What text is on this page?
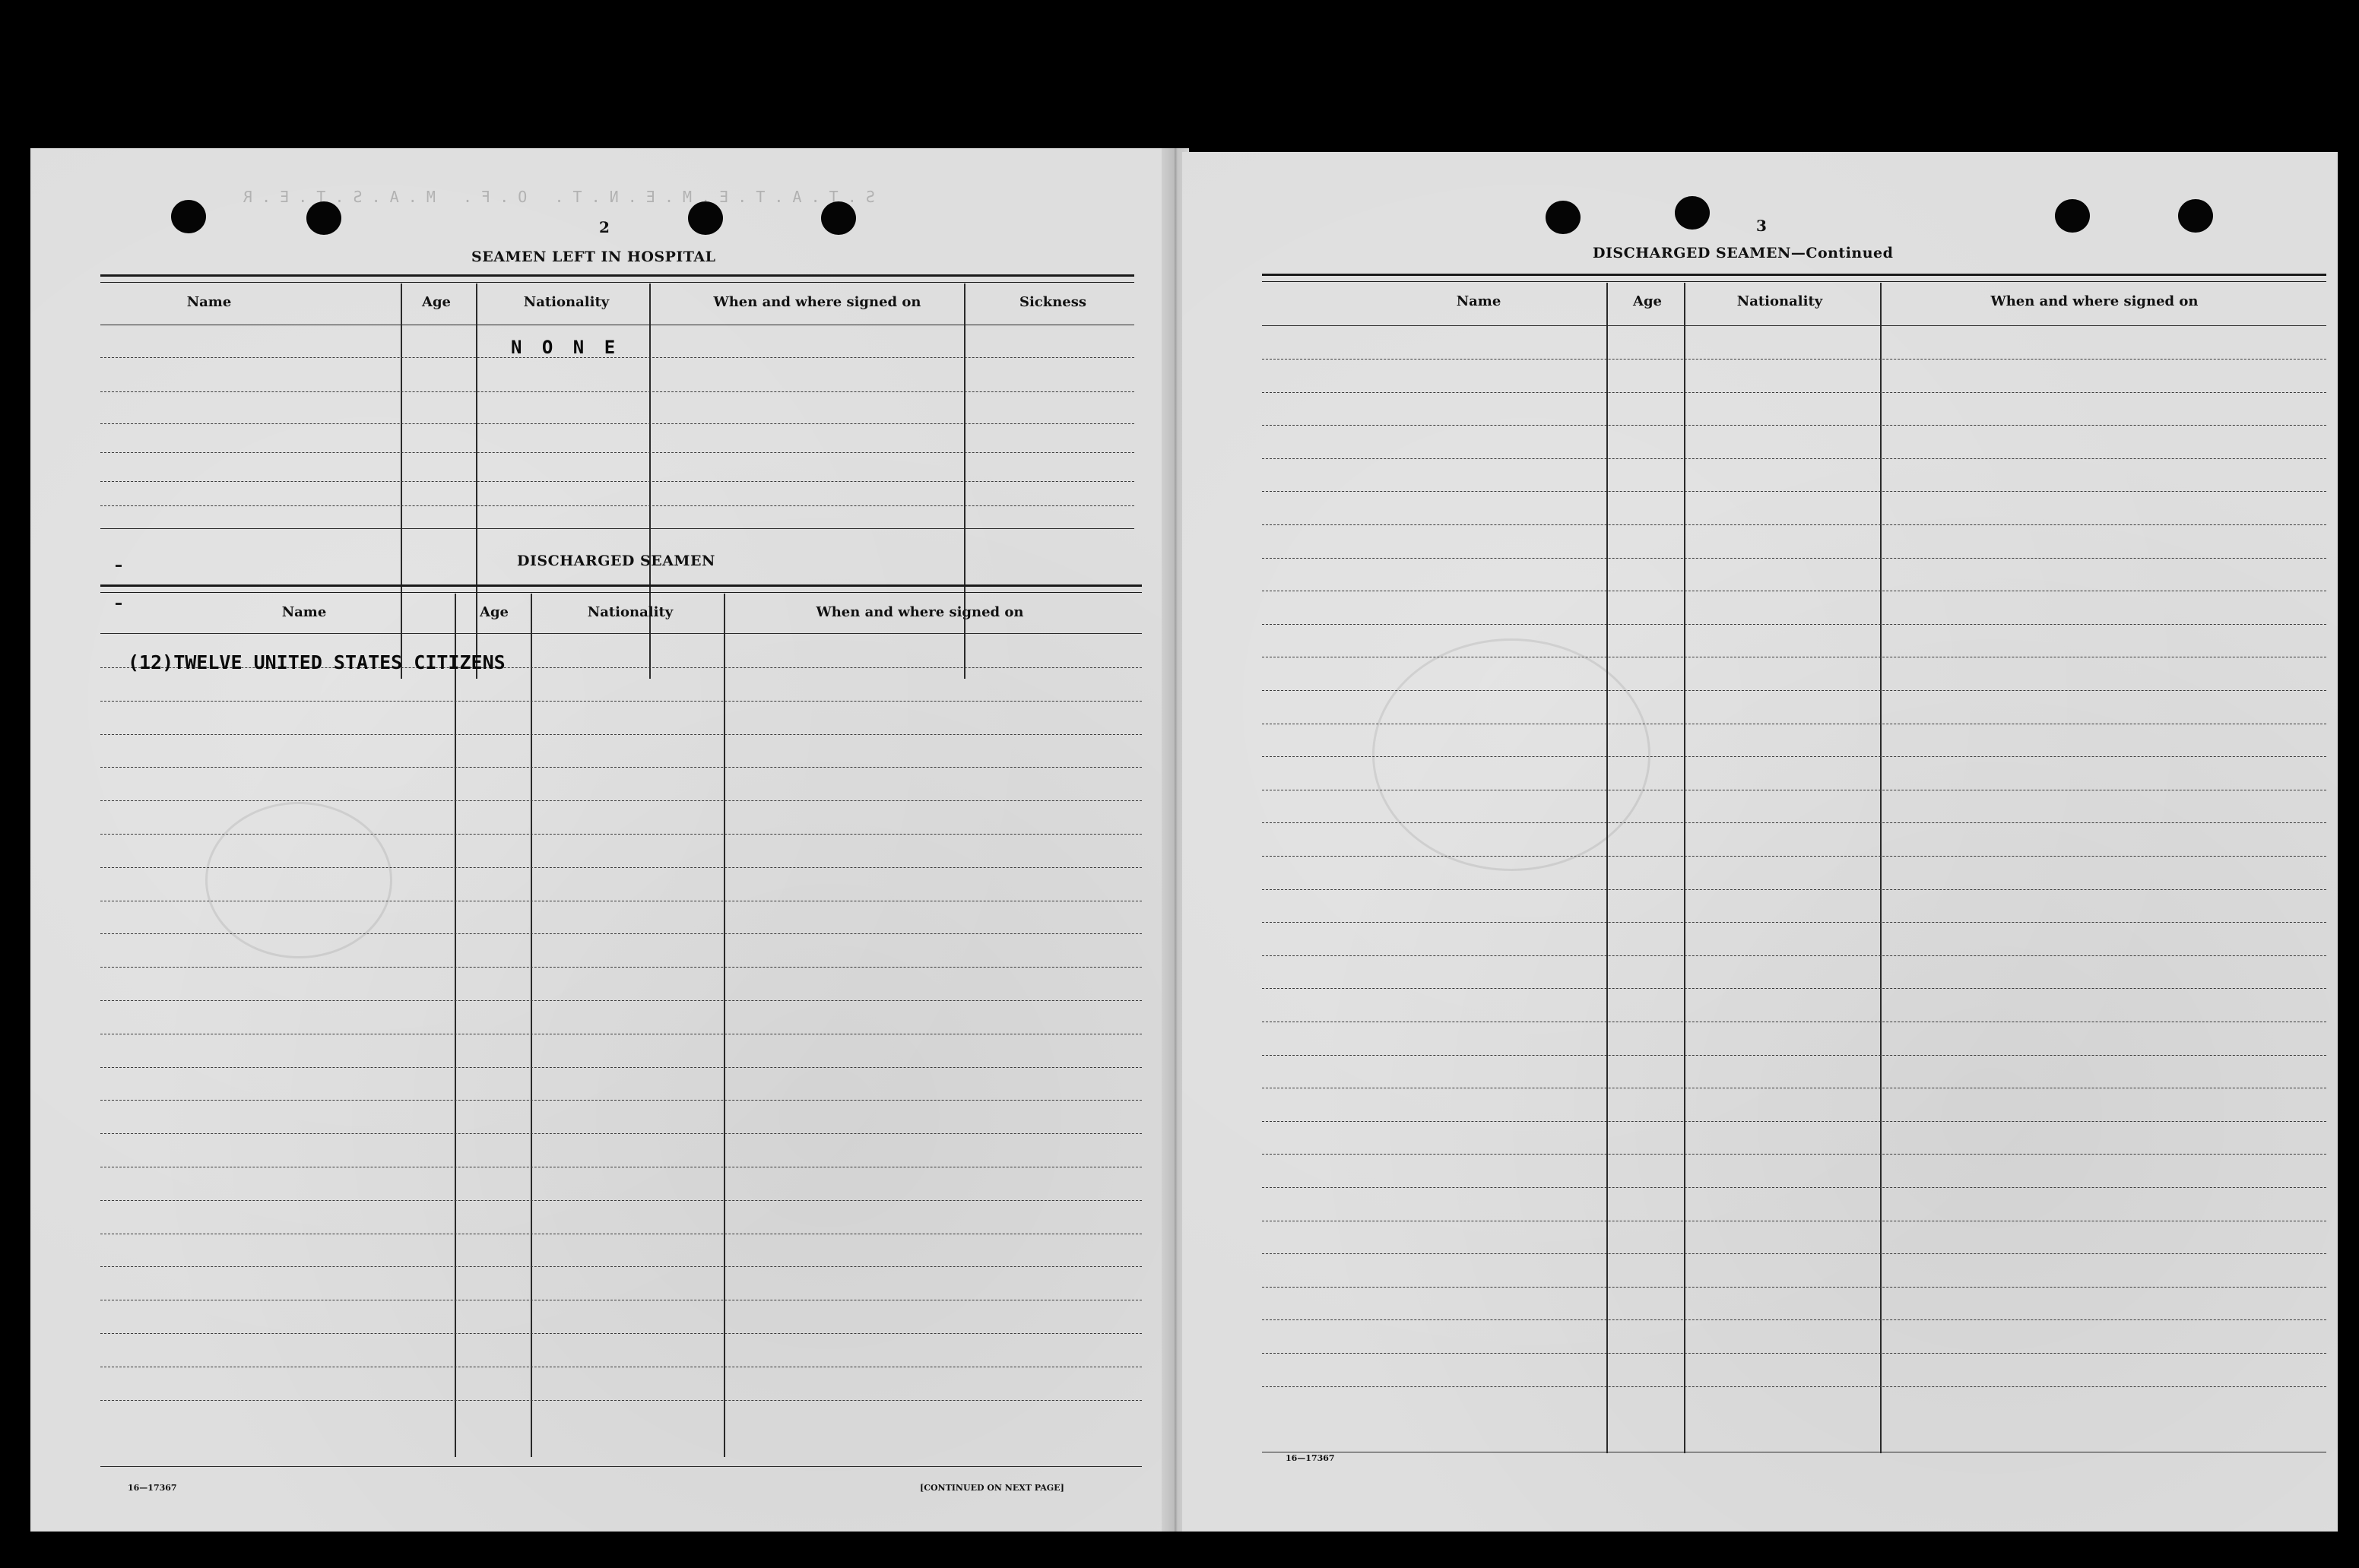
S . T . A . T . E . M . E . N . T .   O . F .   M . A . S . T . E . R

2
SEAMEN LEFT IN HOSPITAL
Name	Age	Nationality	When and where signed on	Sickness
N O N E
DISCHARGED SEAMEN
Name	Age	Nationality	When and where signed on
(12)TWELVE UNITED STATES CITIZENS
16—17367	[CONTINUED ON NEXT PAGE]
3
DISCHARGED SEAMEN—Continued
Name	Age	Nationality	When and where signed on
16—17367
